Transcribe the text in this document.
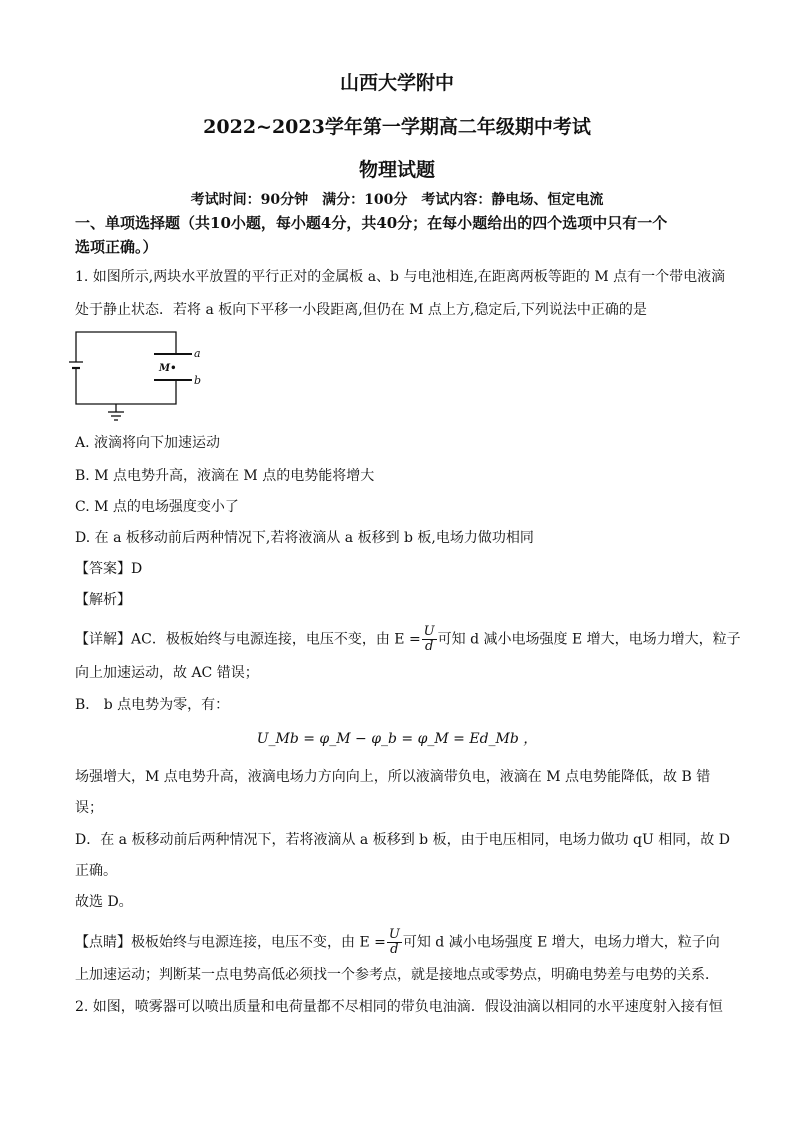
山西大学附中
2022~2023学年第一学期高二年级期中考试
物理试题
考试时间：90分钟　满分：100分　考试内容：静电场、恒定电流
一、单项选择题（共10小题，每小题4分，共40分；在每小题给出的四个选项中只有一个
选项正确。）
1. 如图所示,两块水平放置的平行正对的金属板 a、b 与电池相连,在距离两板等距的 M 点有一个带电液滴
处于静止状态．若将 a 板向下平移一小段距离,但仍在 M 点上方,稳定后,下列说法中正确的是
a
b
M•
A. 液滴将向下加速运动
B. M 点电势升高，液滴在 M 点的电势能将增大
C. M 点的电场强度变小了
D. 在 a 板移动前后两种情况下,若将液滴从 a 板移到 b 板,电场力做功相同
【答案】D
【解析】
【详解】AC．极板始终与电源连接，电压不变，由 $E = \frac{U}{d}$ 可知 d 减小电场强度 E 增大，电场力增大，粒子
向上加速运动，故 AC 错误；
B． b 点电势为零，有：
U_Mb = φ_M − φ_b = φ_M = Ed_Mb ，
场强增大，M 点电势升高，液滴电场力方向向上，所以液滴带负电，液滴在 M 点电势能降低，故 B 错
误；
D．在 a 板移动前后两种情况下，若将液滴从 a 板移到 b 板，由于电压相同，电场力做功 qU 相同，故 D
正确。
故选 D。
【点睛】极板始终与电源连接，电压不变，由 $E = \frac{U}{d}$ 可知 d 减小电场强度 E 增大，电场力增大，粒子向
上加速运动；判断某一点电势高低必须找一个参考点，就是接地点或零势点，明确电势差与电势的关系．
2. 如图，喷雾器可以喷出质量和电荷量都不尽相同的带负电油滴．假设油滴以相同的水平速度射入接有恒
